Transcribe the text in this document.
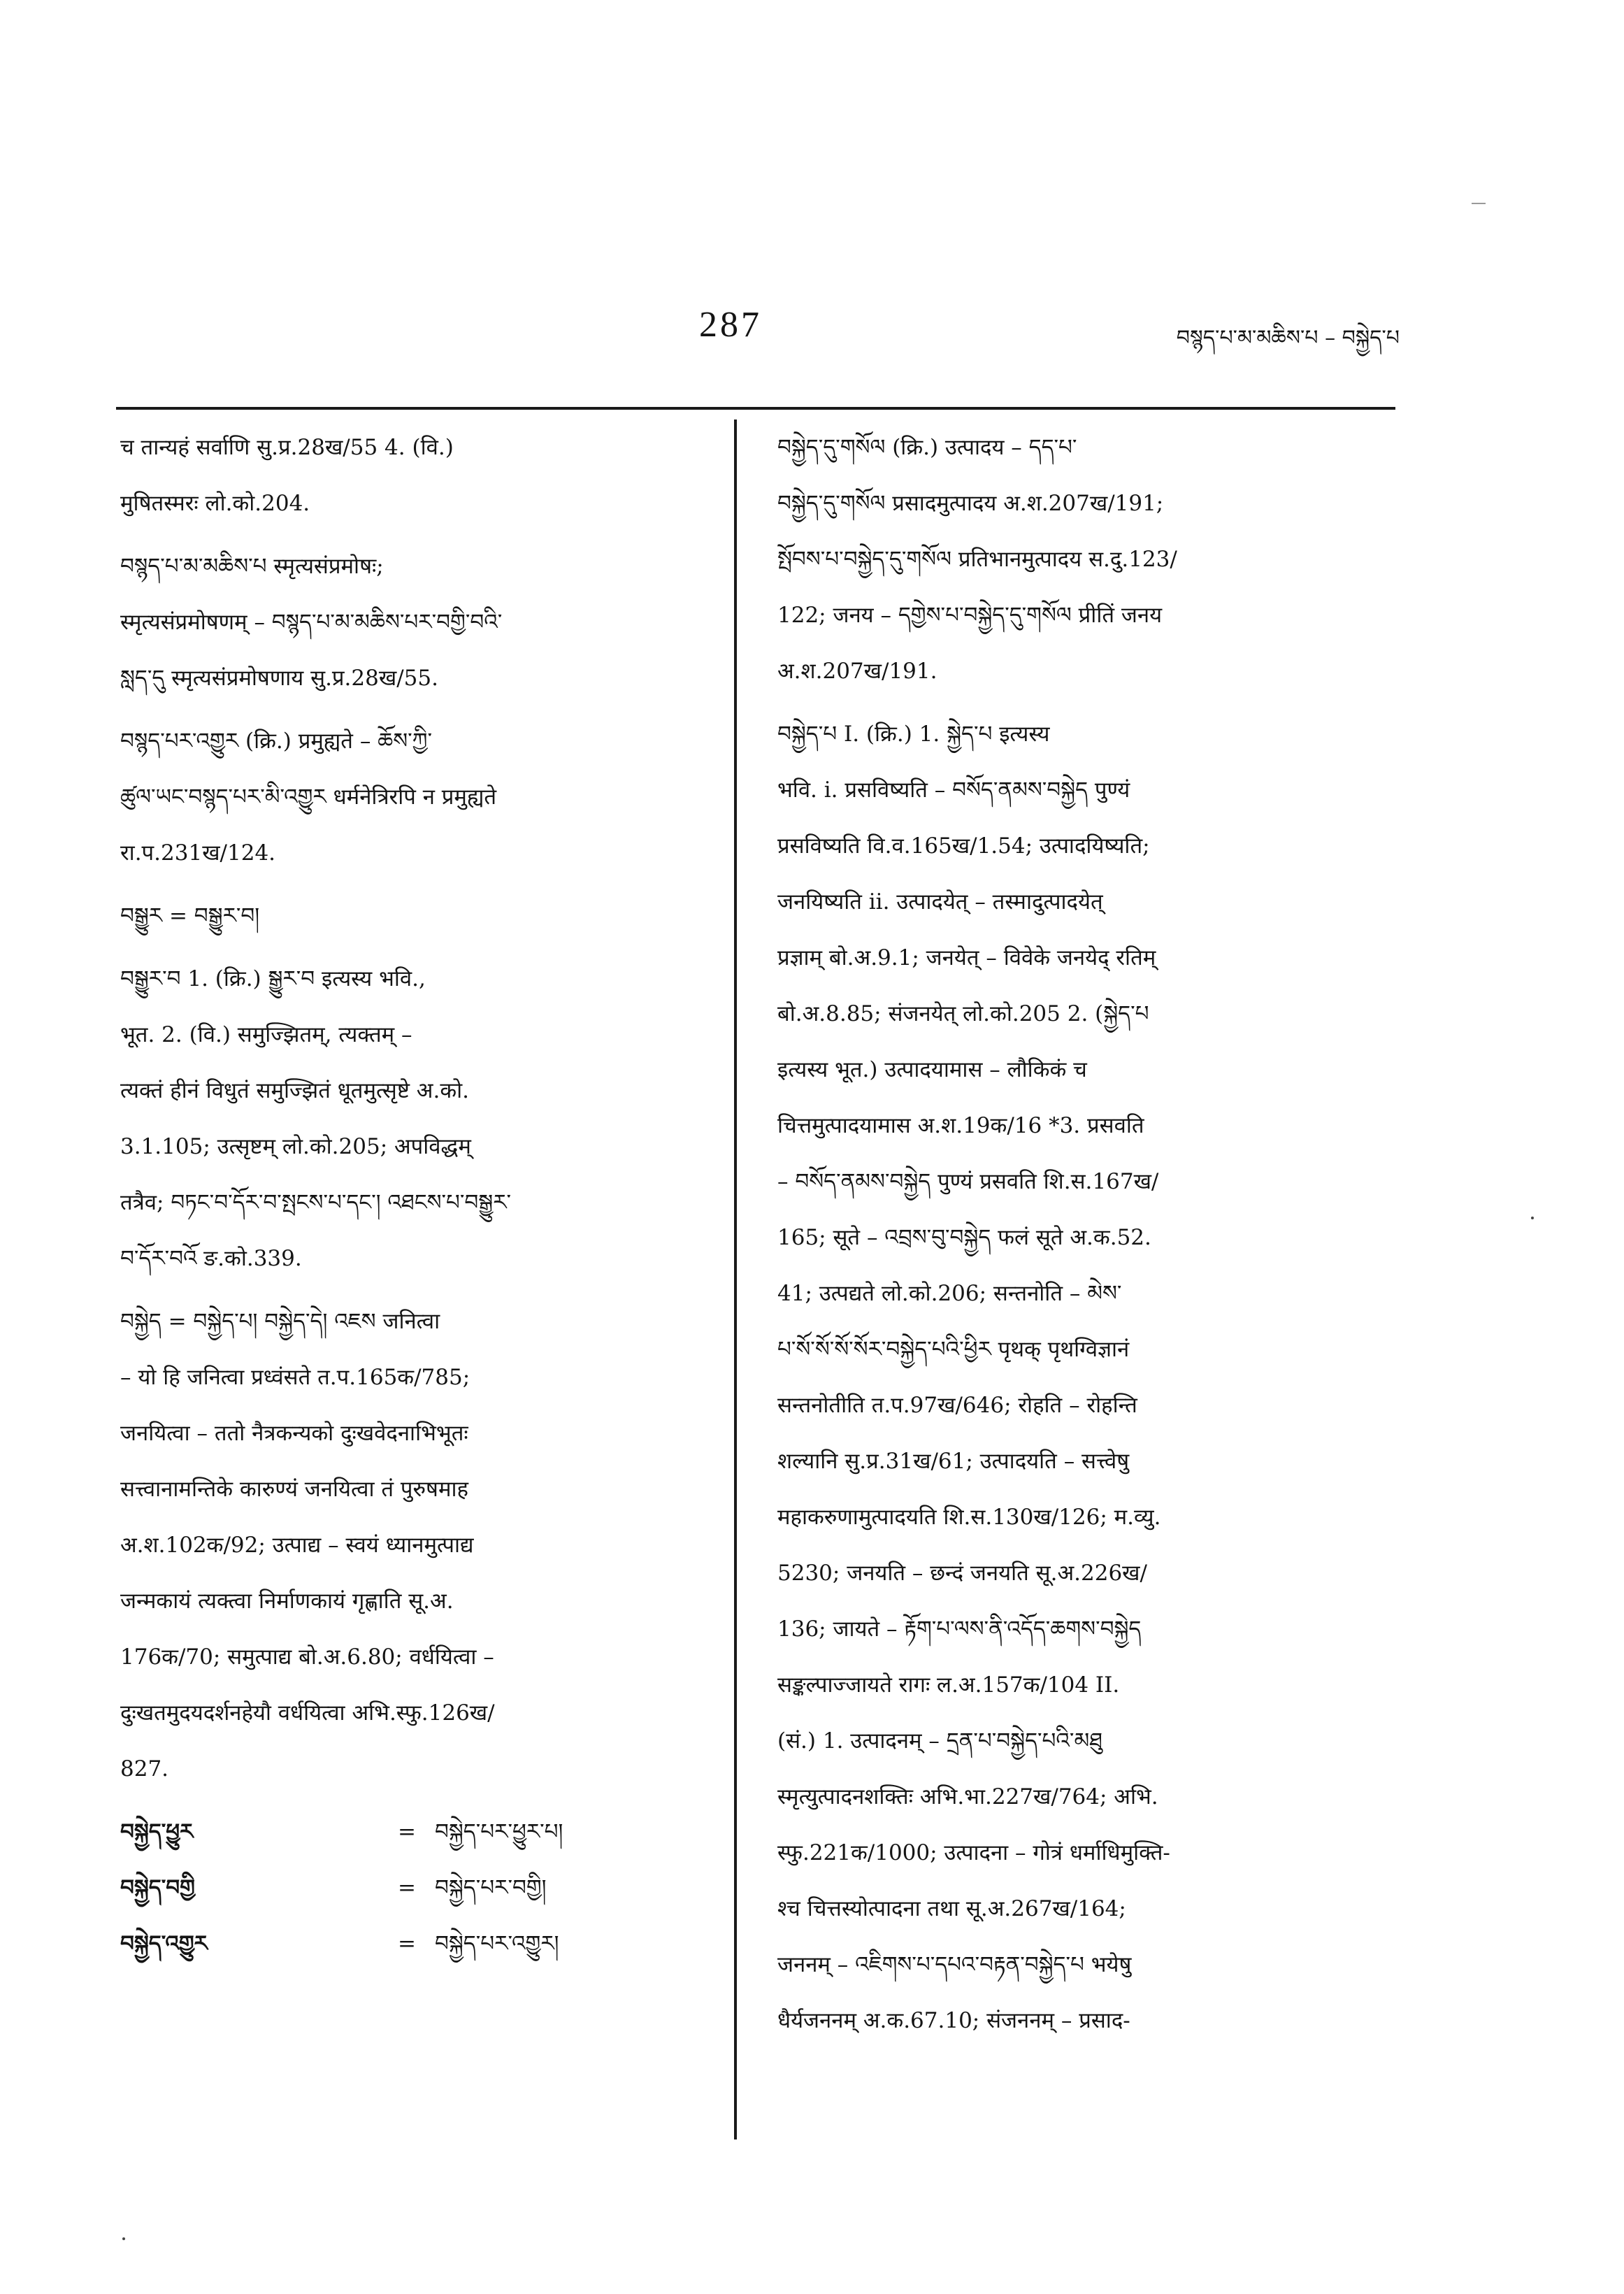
287	བསྙད་པ་མ་མཆིས་པ – བསྐྱེད་པ

च तान्यहं सर्वाणि सु.प्र.28ख/55 4. (वि.)

मुषितस्मरः लो.को.204.

བསྙད་པ་མ་མཆིས་པ स्मृत्यसंप्रमोषः;

स्मृत्यसंप्रमोषणम् – བསྙད་པ་མ་མཆིས་པར་བགྱི་བའི་

སླད་དུ स्मृत्यसंप्रमोषणाय सु.प्र.28ख/55.

བསྙད་པར་འགྱུར (क्रि.) प्रमुह्यते – ཆོས་ཀྱི་

ཚུལ་ཡང་བསྙད་པར་མི་འགྱུར धर्मनेत्रिरपि न प्रमुह्यते

रा.प.231ख/124.

བསྒྱུར = བསྒྱུར་བ།

བསྒྱུར་བ 1. (क्रि.) སྒྱུར་བ इत्यस्य भवि.,

भूत. 2. (वि.) समुज्झितम्, त्यक्तम् –

त्यक्तं हीनं विधुतं समुज्झितं धूतमुत्सृष्टे अ.को.

3.1.105; उत्सृष्टम् लो.को.205; अपविद्धम्

तत्रैव; བཏང་བ་དོར་བ་སྤངས་པ་དང་། འཐངས་པ་བསྒྱུར་

བ་དོར་བའོ ङ.को.339.

བསྐྱེད = བསྐྱེད་པ། བསྐྱེད་དེ། འཇས जनित्वा

– यो हि जनित्वा प्रध्वंसते त.प.165क/785;

जनयित्वा – ततो नैत्रकन्यको दुःखवेदनाभिभूतः

सत्त्वानामन्तिके कारुण्यं जनयित्वा तं पुरुषमाह

अ.श.102क/92; उत्पाद्य – स्वयं ध्यानमुत्पाद्य

जन्मकायं त्यक्त्वा निर्माणकायं गृह्णाति सू.अ.

176क/70; समुत्पाद्य बो.अ.6.80; वर्धयित्वा –

दुःखतमुदयदर्शनहेयौ वर्धयित्वा अभि.स्फु.126ख/

827.

བསྐྱེད་ཕྱུར	= བསྐྱེད་པར་ཕྱུར་པ།
བསྐྱེད་བགྱི	= བསྐྱེད་པར་བགྱི།
བསྐྱེད་འགྱུར	= བསྐྱེད་པར་འགྱུར།

བསྐྱེད་དུ་གསོལ (क्रि.) उत्पादय – དད་པ་

བསྐྱེད་དུ་གསོལ प्रसादमुत्पादय अ.श.207ख/191;

སྤོབས་པ་བསྐྱེད་དུ་གསོལ प्रतिभानमुत्पादय स.दु.123/

122; जनय – དགྱེས་པ་བསྐྱེད་དུ་གསོལ प्रीतिं जनय

अ.श.207ख/191.

བསྐྱེད་པ I. (क्रि.) 1. སྐྱེད་པ इत्यस्य

भवि. i. प्रसविष्यति – བསོད་ནམས་བསྐྱེད पुण्यं

प्रसविष्यति वि.व.165ख/1.54; उत्पादयिष्यति;

जनयिष्यति ii. उत्पादयेत् – तस्मादुत्पादयेत्

प्रज्ञाम् बो.अ.9.1; जनयेत् – विवेके जनयेद् रतिम्

बो.अ.8.85; संजनयेत् लो.को.205 2. (སྐྱེད་པ

इत्यस्य भूत.) उत्पादयामास – लौकिकं च

चित्तमुत्पादयामास अ.श.19क/16 *3. प्रसवति

– བསོད་ནམས་བསྐྱེད पुण्यं प्रसवति शि.स.167ख/

165; सूते – འབྲས་བུ་བསྐྱེད फलं सूते अ.क.52.

41; उत्पद्यते लो.को.206; सन्तनोति – མེས་

པ་སོ་སོ་སོ་སོར་བསྐྱེད་པའི་ཕྱིར पृथक् पृथग्विज्ञानं

सन्तनोतीति त.प.97ख/646; रोहति – रोहन्ति

शल्यानि सु.प्र.31ख/61; उत्पादयति – सत्त्वेषु

महाकरुणामुत्पादयति शि.स.130ख/126; म.व्यु.

5230; जनयति – छन्दं जनयति सू.अ.226ख/

136; जायते – རྟོག་པ་ལས་ནི་འདོད་ཆགས་བསྐྱེད

सङ्कल्पाज्जायते रागः ल.अ.157क/104 II.

(सं.) 1. उत्पादनम् – དྲན་པ་བསྐྱེད་པའི་མཐུ

स्मृत्युत्पादनशक्तिः अभि.भा.227ख/764; अभि.

स्फु.221क/1000; उत्पादना – गोत्रं धर्माधिमुक्ति-

श्च चित्तस्योत्पादना तथा सू.अ.267ख/164;

जननम् – འཇིགས་པ་དཔའ་བརྟན་བསྐྱེད་པ भयेषु

धैर्यजननम् अ.क.67.10; संजननम् – प्रसाद-
